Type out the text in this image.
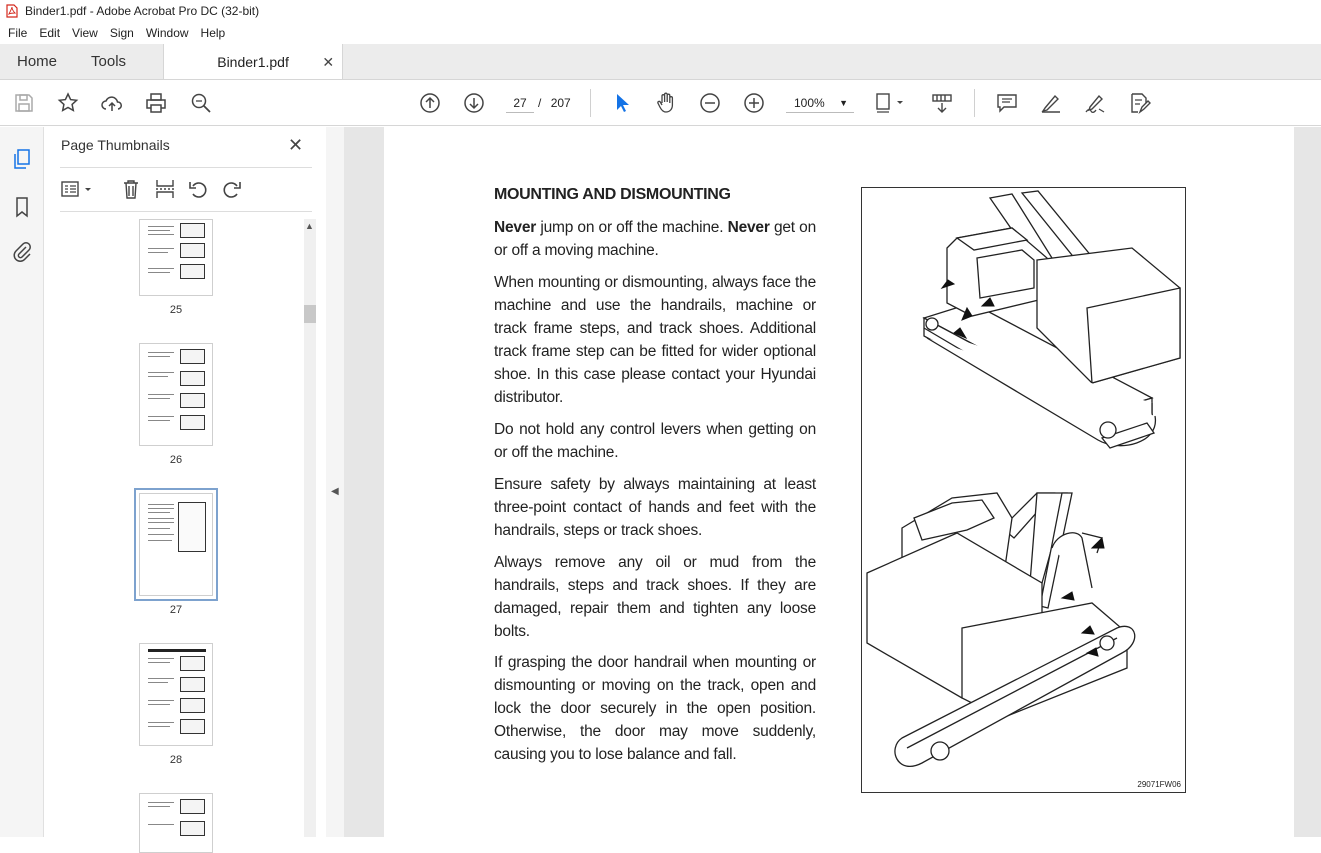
Binder1.pdf - Adobe Acrobat Pro DC (32-bit)
File	Edit	View	Sign	Window	Help
Home	Tools	Binder1.pdf ✕
27 / 207	100% ▼
Page Thumbnails	✕
25
26
27
28
▲
◀
MOUNTING AND DISMOUNTING
Never jump on or off the machine. Never get on or off a moving machine.
When mounting or dismounting, always face the machine and use the handrails, machine or track frame steps, and track shoes. Additional track frame step can be fitted for wider optional shoe. In this case please contact your Hyundai distributor.
Do not hold any control levers when getting on or off the machine.
Ensure safety by always maintaining at least three-point contact of hands and feet with the handrails, steps or track shoes.
Always remove any oil or mud from the handrails, steps and track shoes. If they are damaged, repair them and tighten any loose bolts.
If grasping the door handrail when mounting or dismounting or moving on the track, open and lock the door securely in the open position. Otherwise, the door may move suddenly, causing you to lose balance and fall.
29071FW06
